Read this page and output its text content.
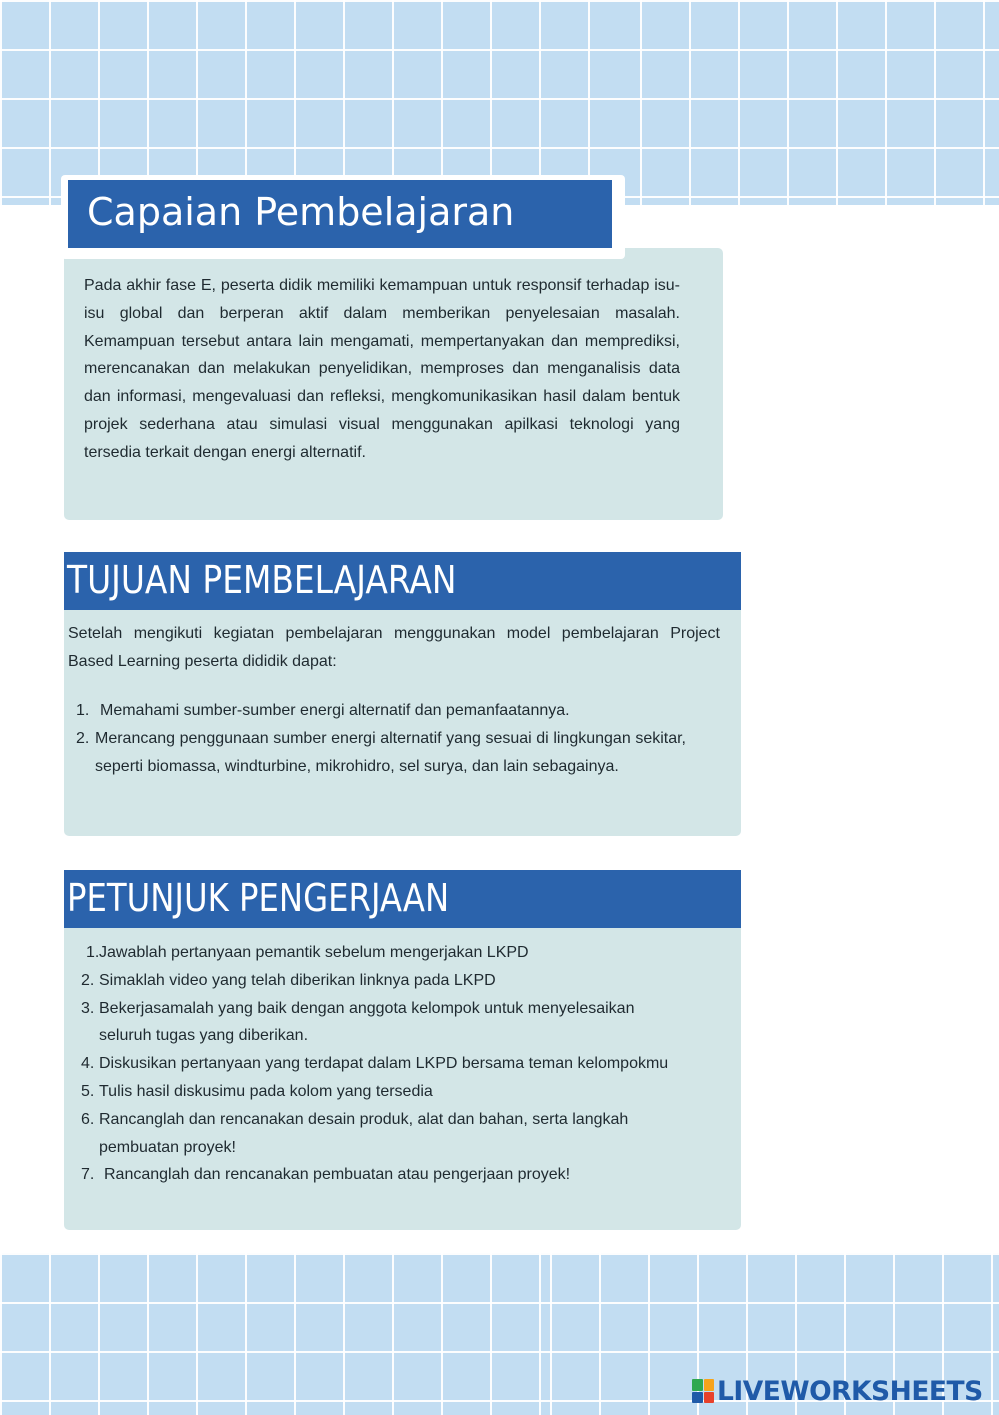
Capaian Pembelajaran

Pada akhir fase E, peserta didik memiliki kemampuan untuk responsif terhadap isu-isu global dan berperan aktif dalam memberikan penyelesaian masalah. Kemampuan tersebut antara lain mengamati, mempertanyakan dan memprediksi, merencanakan dan melakukan penyelidikan, memproses dan menganalisis data dan informasi, mengevaluasi dan refleksi, mengkomunikasikan hasil dalam bentuk projek sederhana atau simulasi visual menggunakan apilkasi teknologi yang tersedia terkait dengan energi alternatif.

TUJUAN PEMBELAJARAN

Setelah mengikuti kegiatan pembelajaran menggunakan model pembelajaran Project Based Learning peserta dididik dapat:

1. Memahami sumber-sumber energi alternatif dan pemanfaatannya.
2. Merancang penggunaan sumber energi alternatif yang sesuai di lingkungan sekitar, seperti biomassa, windturbine, mikrohidro, sel surya, dan lain sebagainya.
PETUNJUK PENGERJAAN
1. Jawablah pertanyaan pemantik sebelum mengerjakan LKPD
2. Simaklah video yang telah diberikan linknya pada LKPD
3. Bekerjasamalah yang baik dengan anggota kelompok untuk menyelesaikan seluruh tugas yang diberikan.
4. Diskusikan pertanyaan yang terdapat dalam LKPD bersama teman kelompokmu
5. Tulis hasil diskusimu pada kolom yang tersedia
6. Rancanglah dan rencanakan desain produk, alat dan bahan, serta langkah pembuatan proyek!
7. Rancanglah dan rencanakan pembuatan atau pengerjaan proyek!
LIVEWORKSHEETS
